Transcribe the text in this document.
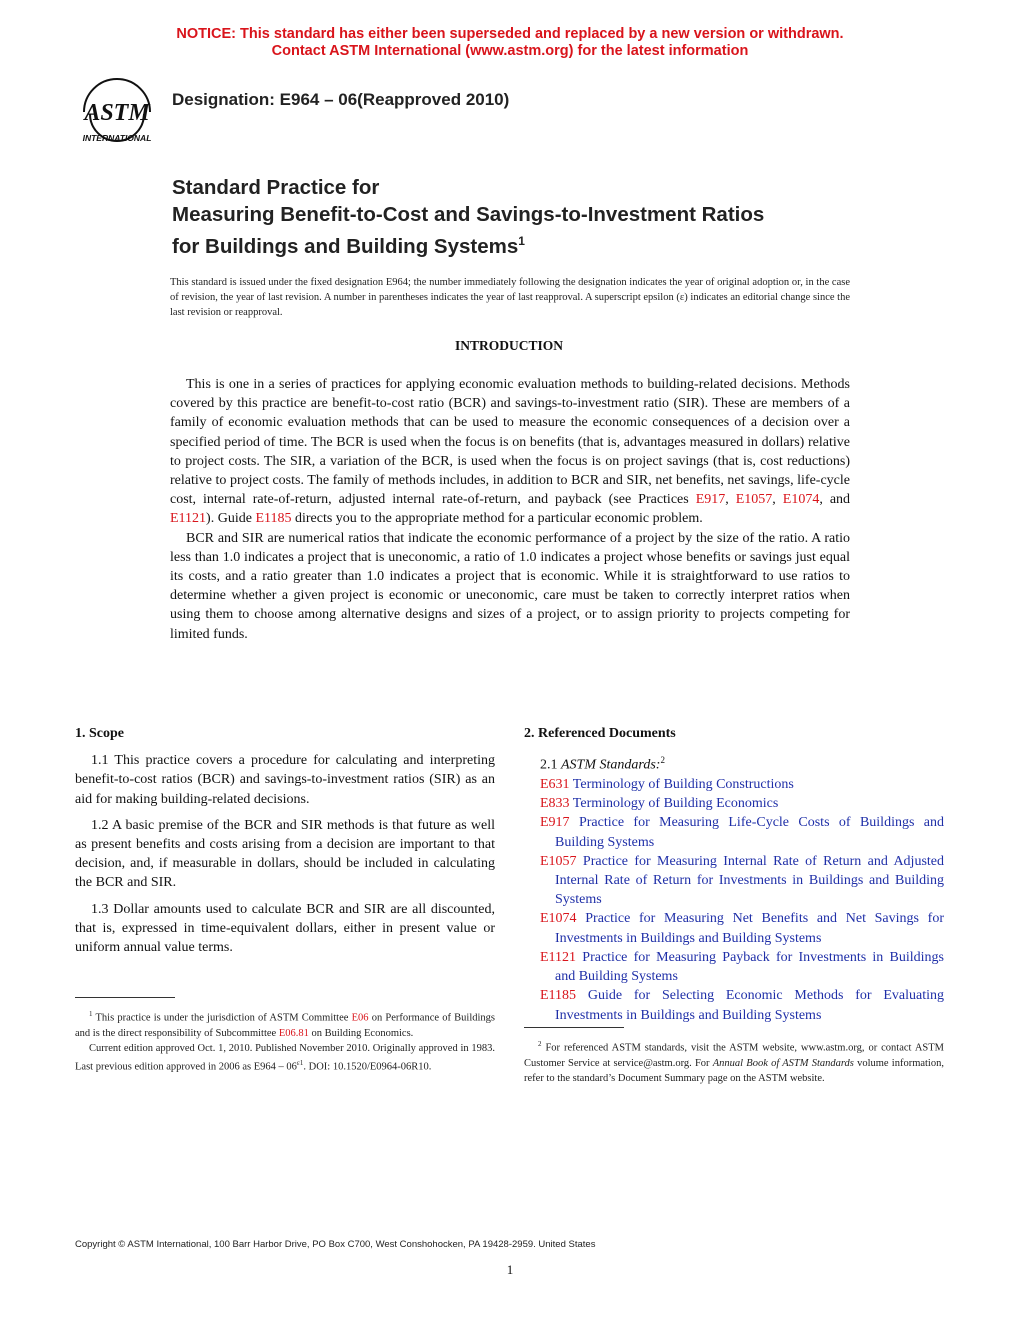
NOTICE: This standard has either been superseded and replaced by a new version or withdrawn.
Contact ASTM International (www.astm.org) for the latest information
ASTM
INTERNATIONAL
Designation: E964 – 06(Reapproved 2010)
Standard Practice for
Measuring Benefit-to-Cost and Savings-to-Investment Ratios
for Buildings and Building Systems$^1$
This standard is issued under the fixed designation E964; the number immediately following the designation indicates the year of original adoption or, in the case of revision, the year of last revision. A number in parentheses indicates the year of last reapproval. A superscript epsilon (ε) indicates an editorial change since the last revision or reapproval.
INTRODUCTION

This is one in a series of practices for applying economic evaluation methods to building-related decisions. Methods covered by this practice are benefit-to-cost ratio (BCR) and savings-to-investment ratio (SIR). These are members of a family of economic evaluation methods that can be used to measure the economic consequences of a decision over a specified period of time. The BCR is used when the focus is on benefits (that is, advantages measured in dollars) relative to project costs. The SIR, a variation of the BCR, is used when the focus is on project savings (that is, cost reductions) relative to project costs. The family of methods includes, in addition to BCR and SIR, net benefits, net savings, life-cycle cost, internal rate-of-return, adjusted internal rate-of-return, and payback (see Practices E917, E1057, E1074, and E1121). Guide E1185 directs you to the appropriate method for a particular economic problem.

BCR and SIR are numerical ratios that indicate the economic performance of a project by the size of the ratio. A ratio less than 1.0 indicates a project that is uneconomic, a ratio of 1.0 indicates a project whose benefits or savings just equal its costs, and a ratio greater than 1.0 indicates a project that is economic. While it is straightforward to use ratios to determine whether a given project is economic or uneconomic, care must be taken to correctly interpret ratios when using them to choose among alternative designs and sizes of a project, or to assign priority to projects competing for limited funds.

1. Scope

1.1 This practice covers a procedure for calculating and interpreting benefit-to-cost ratios (BCR) and savings-to-investment ratios (SIR) as an aid for making building-related decisions.

1.2 A basic premise of the BCR and SIR methods is that future as well as present benefits and costs arising from a decision are important to that decision, and, if measurable in dollars, should be included in calculating the BCR and SIR.

1.3 Dollar amounts used to calculate BCR and SIR are all discounted, that is, expressed in time-equivalent dollars, either in present value or uniform annual value terms.

2. Referenced Documents

2.1 ASTM Standards:$^2$

E631 Terminology of Building Constructions

E833 Terminology of Building Economics

E917 Practice for Measuring Life-Cycle Costs of Buildings and Building Systems

E1057 Practice for Measuring Internal Rate of Return and Adjusted Internal Rate of Return for Investments in Buildings and Building Systems

E1074 Practice for Measuring Net Benefits and Net Savings for Investments in Buildings and Building Systems

E1121 Practice for Measuring Payback for Investments in Buildings and Building Systems

E1185 Guide for Selecting Economic Methods for Evaluating Investments in Buildings and Building Systems

$^1$ This practice is under the jurisdiction of ASTM Committee E06 on Performance of Buildings and is the direct responsibility of Subcommittee E06.81 on Building Economics.

Current edition approved Oct. 1, 2010. Published November 2010. Originally approved in 1983. Last previous edition approved in 2006 as $E964 - 06^{\varepsilon 1}$. DOI: 10.1520/E0964-06R10.

$^2$ For referenced ASTM standards, visit the ASTM website, www.astm.org, or contact ASTM Customer Service at service@astm.org. For Annual Book of ASTM Standards volume information, refer to the standard’s Document Summary page on the ASTM website.

Copyright © ASTM International, 100 Barr Harbor Drive, PO Box C700, West Conshohocken, PA 19428-2959. United States
1
